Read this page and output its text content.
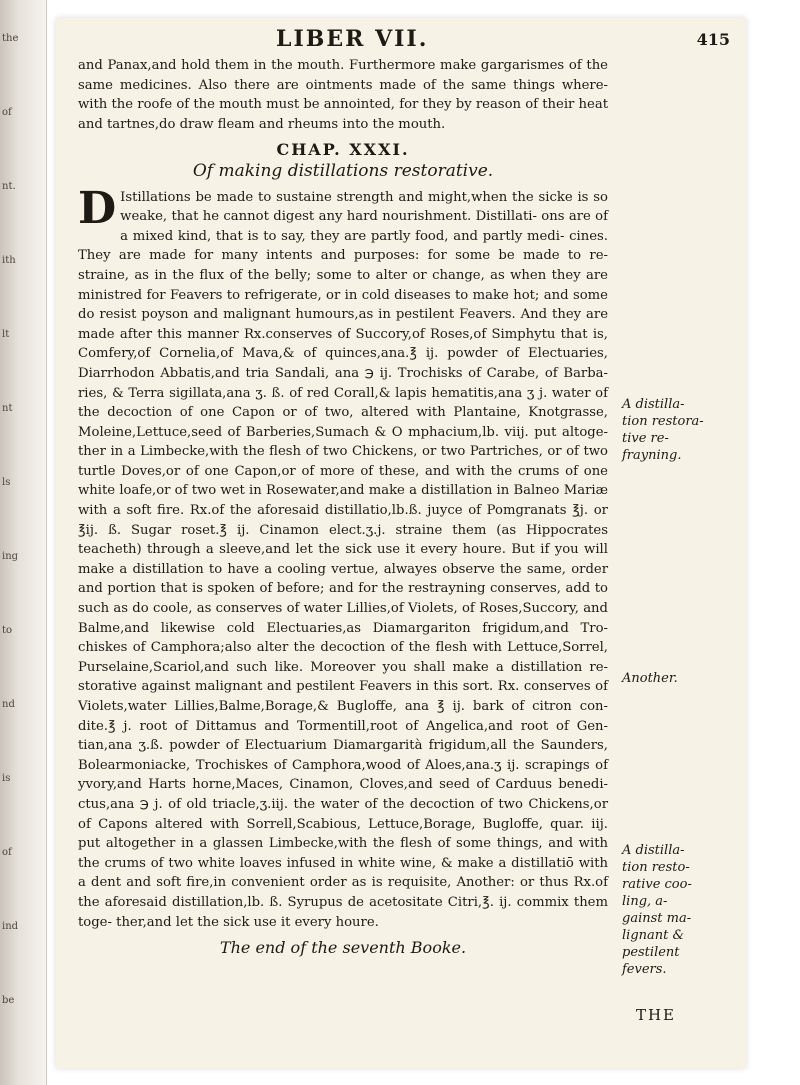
the
of
nt.
ith
lt
nt
ls
ing
to
nd
is
of
ind
be
LIBER VII.	415

and Panax,and hold them in the mouth. Furthermore make gargarismes of the same medicines. Also there are ointments made of the same things where- with the roofe of the mouth must be annointed, for they by reason of their heat and tartnes,do draw fleam and rheums into the mouth.

CHAP. XXXI.
Of making distillations restorative.

D Istillations be made to sustaine strength and might,when the sicke is so weake, that he cannot digest any hard nourishment. Distillati- ons are of a mixed kind, that is to say, they are partly food, and partly medi- cines. They are made for many intents and purposes: for some be made to re- straine, as in the flux of the belly; some to alter or change, as when they are ministred for Feavers to refrigerate, or in cold diseases to make hot; and some do resist poyson and malignant humours,as in pestilent Feavers. And they are made after this manner Rx.conserves of Succory,of Roses,of Simphytu that is, Comfery,of Cornelia,of Mava,& of quinces,ana.℥ ij. powder of Electuaries, Diarrhodon Abbatis,and tria Sandali, ana ℈ ij. Trochisks of Carabe, of Barba- ries, & Terra sigillata,ana ʒ. ß. of red Corall,& lapis hematitis,ana ʒ j. water of the decoction of one Capon or of two, altered with Plantaine, Knotgrasse, Moleine,Lettuce,seed of Barberies,Sumach & O mphacium,lb. viij. put altoge- ther in a Limbecke,with the flesh of two Chickens, or two Partriches, or of two turtle Doves,or of one Capon,or of more of these, and with the crums of one white loafe,or of two wet in Rosewater,and make a distillation in Balneo Mariæ with a soft fire. Rx.of the aforesaid distillatio,lb.ß. juyce of Pomgranats ℥j. or ℥ij. ß. Sugar roset.℥ ij. Cinamon elect.ʒ.j. straine them (as Hippocrates teacheth) through a sleeve,and let the sick use it every houre. But if you will make a distillation to have a cooling vertue, alwayes observe the same, order and portion that is spoken of before; and for the restrayning conserves, add to such as do coole, as conserves of water Lillies,of Violets, of Roses,Succory, and Balme,and likewise cold Electuaries,as Diamargariton frigidum,and Tro- chiskes of Camphora;also alter the decoction of the flesh with Lettuce,Sorrel, Purselaine,Scariol,and such like. Moreover you shall make a distillation re- storative against malignant and pestilent Feavers in this sort. Rx. conserves of Violets,water Lillies,Balme,Borage,& Bugloffe, ana ℥ ij. bark of citron con- dite.℥ j. root of Dittamus and Tormentill,root of Angelica,and root of Gen- tian,ana ʒ.ß. powder of Electuarium Diamargarità frigidum,all the Saunders, Bolearmoniacke, Trochiskes of Camphora,wood of Aloes,ana.ʒ ij. scrapings of yvory,and Harts horne,Maces, Cinamon, Cloves,and seed of Carduus benedi- ctus,ana ℈ j. of old triacle,ʒ.iij. the water of the decoction of two Chickens,or of Capons altered with Sorrell,Scabious, Lettuce,Borage, Bugloffe, quar. iij. put altogether in a glassen Limbecke,with the flesh of some things, and with the crums of two white loaves infused in white wine, & make a distillatiō with a dent and soft fire,in convenient order as is requisite, Another: or thus Rx.of the aforesaid distillation,lb. ß. Syrupus de acetositate Citri,℥. ij. commix them toge- ther,and let the sick use it every houre.

The end of the seventh Booke.
A distilla-
tion restora-
tive re-
frayning.
Another.
A distilla-
tion resto-
rative coo-
ling, a-
gainst ma-
lignant &
pestilent
fevers.
THE
